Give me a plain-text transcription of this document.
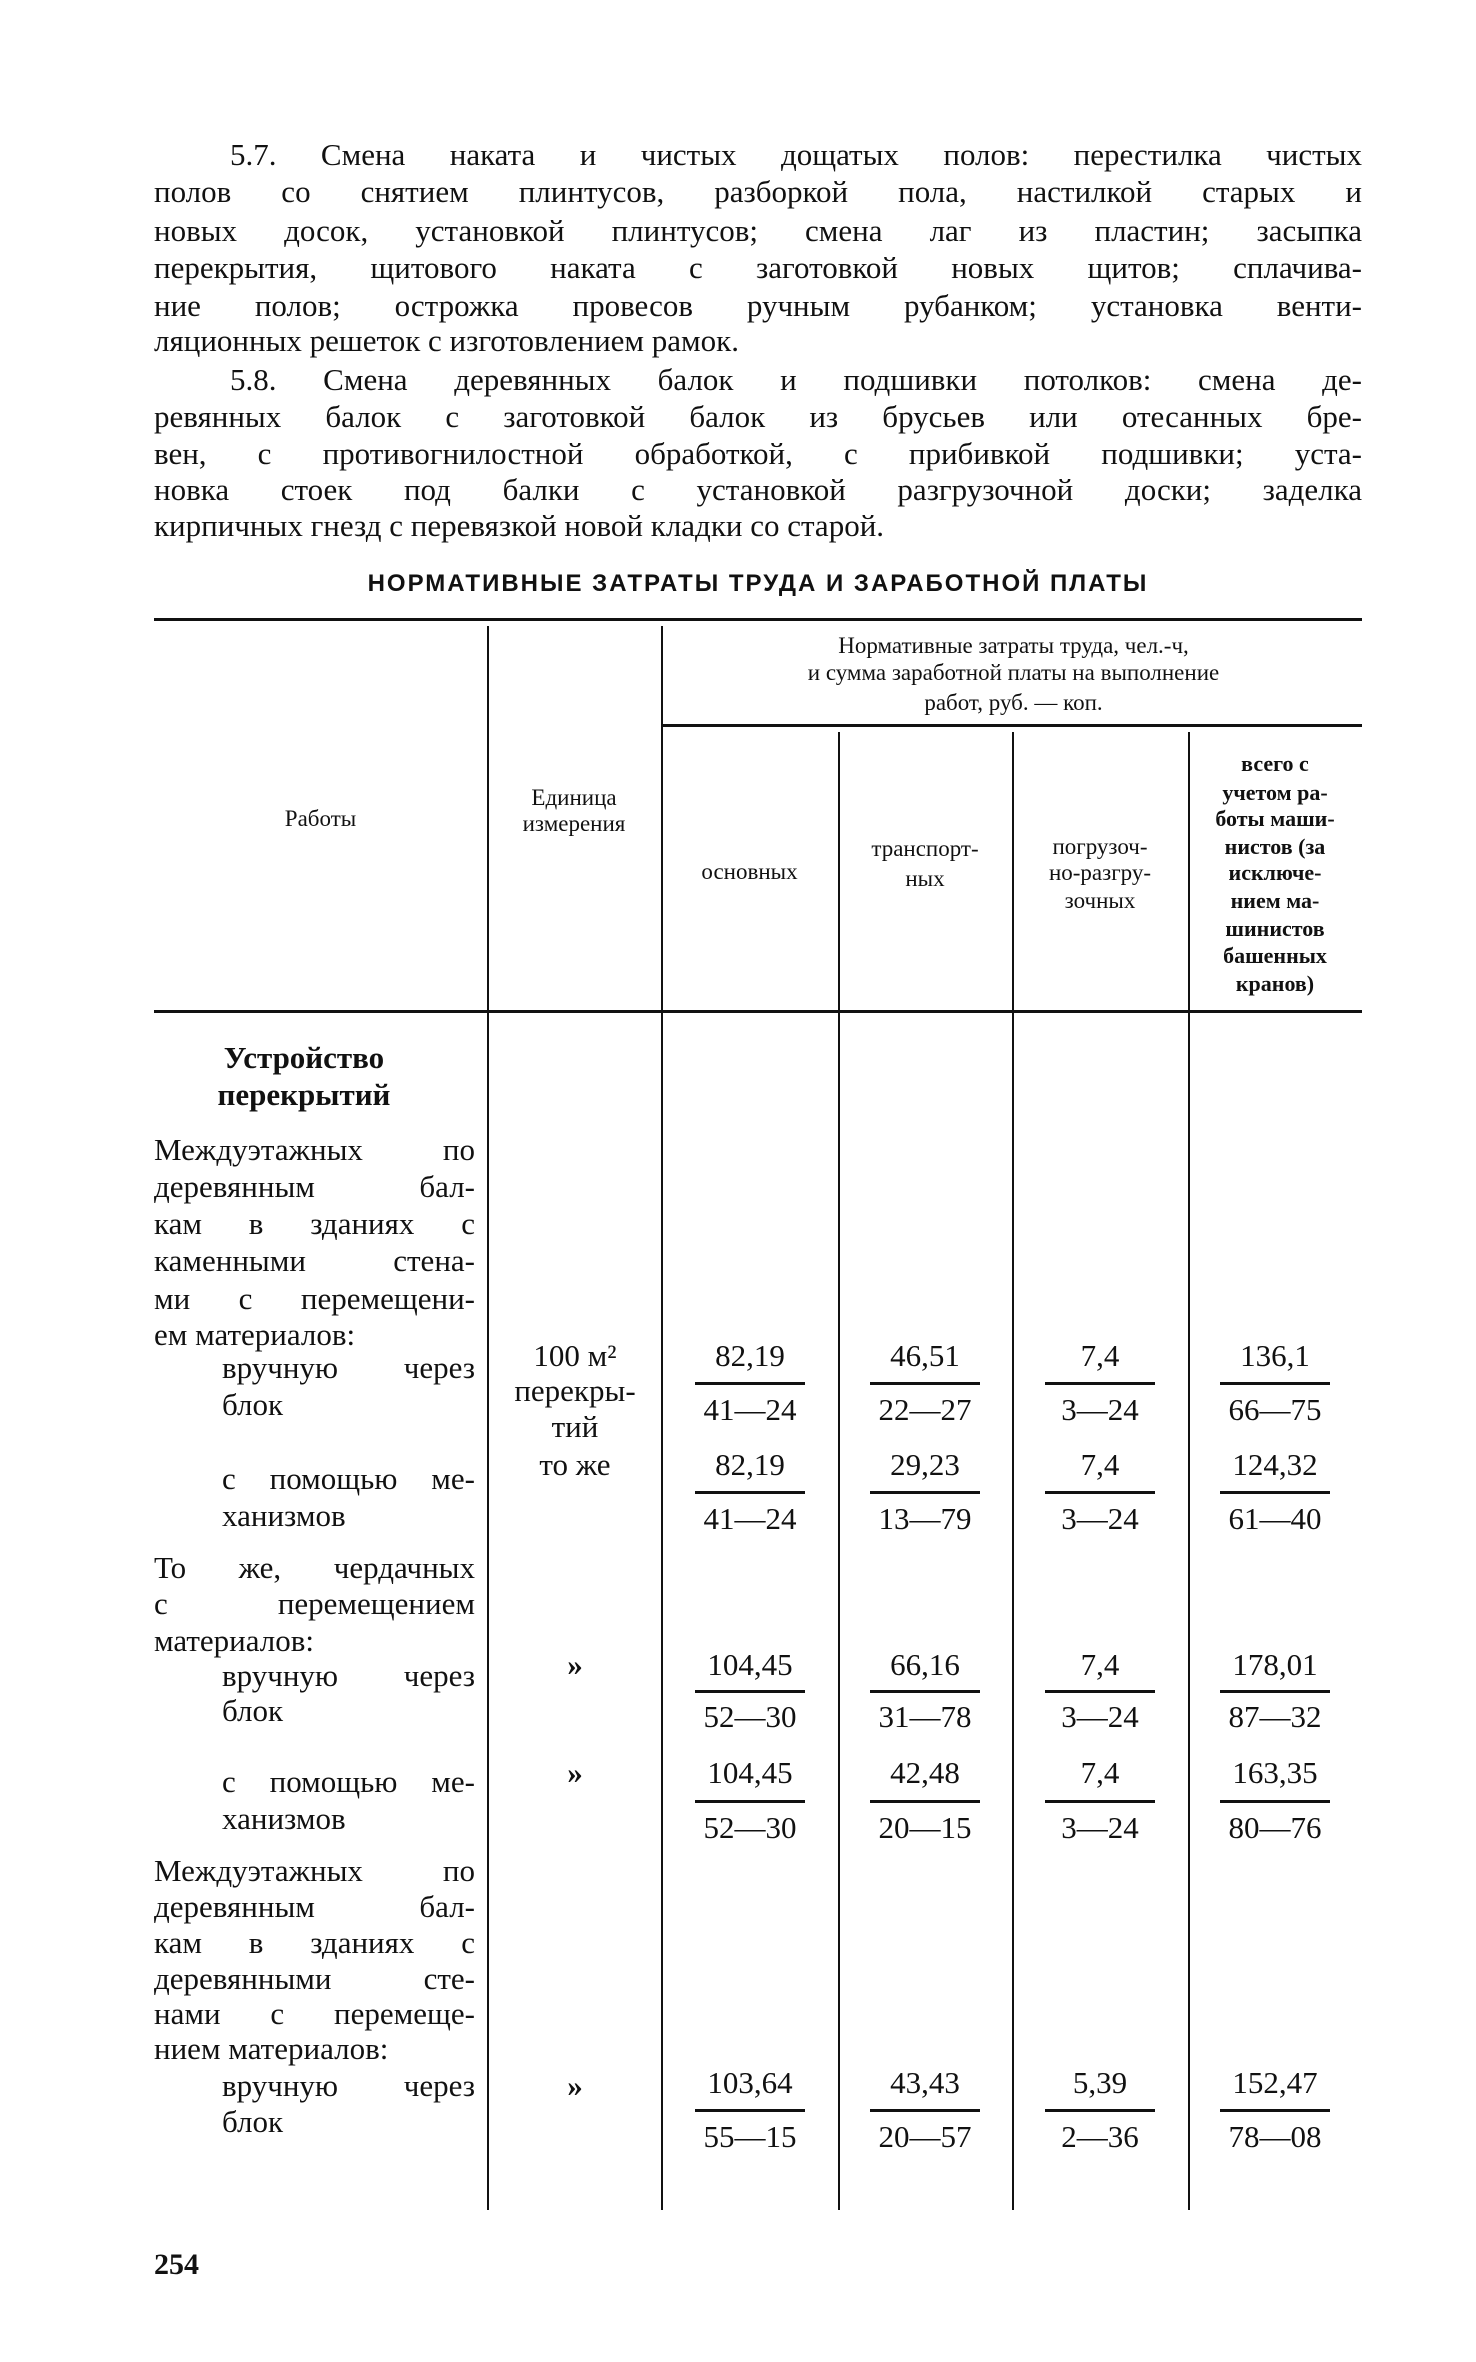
НОРМАТИВНЫЕ ЗАТРАТЫ ТРУДА И ЗАРАБОТНОЙ ПЛАТЫ
Работы
254
5.7. Смена наката и чистых дощатых полов: перестилка чистых
полов со снятием плинтусов, разборкой пола, настилкой старых и
новых досок, установкой плинтусов; смена лаг из пластин; засыпка
перекрытия, щитового наката с заготовкой новых щитов; сплачива-
ние полов; острожка провесов ручным рубанком; установка венти-
ляционных решеток с изготовлением рамок.
5.8. Смена деревянных балок и подшивки потолков: смена де-
ревянных балок с заготовкой балок из брусьев или отесанных бре-
вен, с противогнилостной обработкой, с прибивкой подшивки; уста-
новка стоек под балки с установкой разгрузочной доски; заделка
кирпичных гнезд с перевязкой новой кладки со старой.
Единица
измерения
Нормативные затраты труда, чел.-ч,
и сумма заработной платы на выполнение
работ, руб. — коп.
основных
транспорт-
ных
погрузоч-
но-разгру-
зочных
всего с
учетом ра-
боты маши-
нистов (за
исключе-
нием ма-
шинистов
башенных
кранов)
Устройство
перекрытий
Междуэтажных по
деревянным бал-
кам в зданиях с
каменными стена-
ми с перемещени-
ем материалов:
вручную через
блок
с помощью ме-
ханизмов
То же, чердачных
с перемещением
материалов:
вручную через
блок
с помощью ме-
ханизмов
Междуэтажных по
деревянным бал-
кам в зданиях с
деревянными сте-
нами с перемеще-
нием материалов:
вручную через
блок
100 м²
перекры-
тий
то же
»
»
»
82,19
41—24
46,51
22—27
7,4
3—24
136,1
66—75
82,19
41—24
29,23
13—79
7,4
3—24
124,32
61—40
104,45
52—30
66,16
31—78
7,4
3—24
178,01
87—32
104,45
52—30
42,48
20—15
7,4
3—24
163,35
80—76
103,64
55—15
43,43
20—57
5,39
2—36
152,47
78—08
